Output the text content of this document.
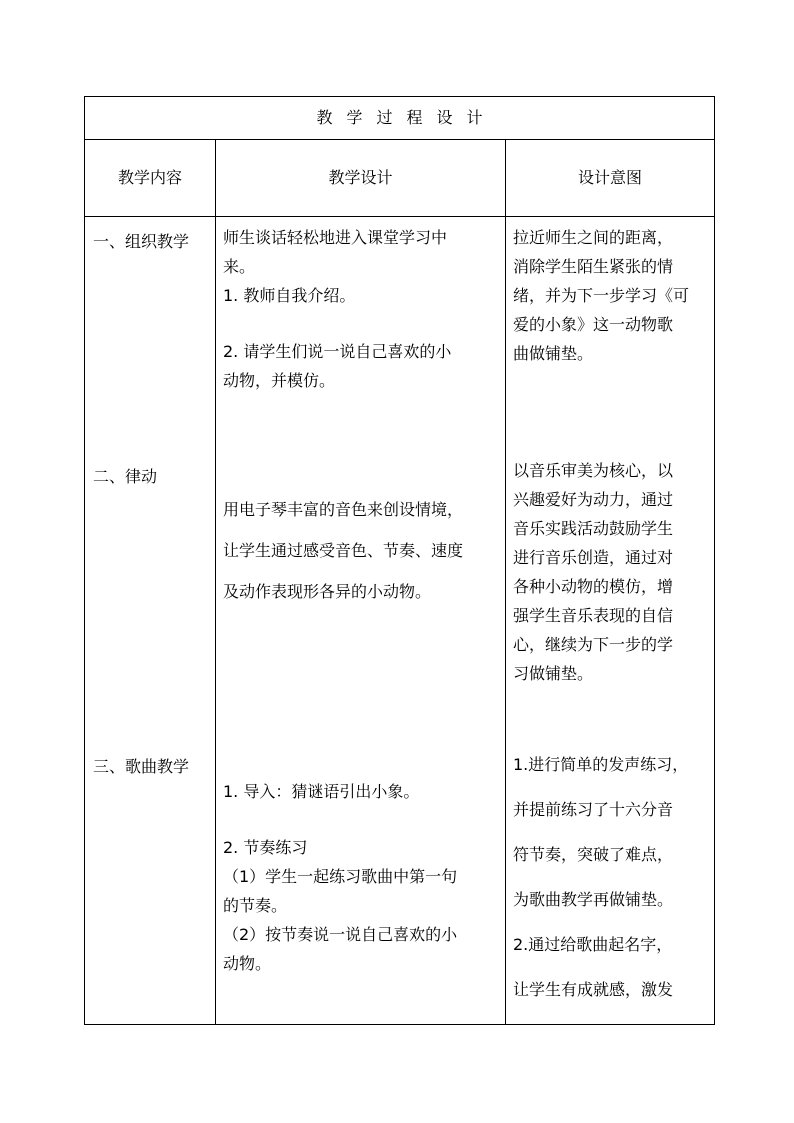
教学过程设计
教学内容	教学设计	设计意图
一、组织教学 师生谈话轻松地进入课堂学习中
来。
1. 教师自我介绍。
2. 请学生们说一说自己喜欢的小
动物，并模仿。
拉近师生之间的距离，
消除学生陌生紧张的情
绪，并为下一步学习《可
爱的小象》这一动物歌
曲做铺垫。
二、律动
用电子琴丰富的音色来创设情境，
让学生通过感受音色、节奏、速度
及动作表现形各异的小动物。
以音乐审美为核心，以
兴趣爱好为动力，通过
音乐实践活动鼓励学生
进行音乐创造，通过对
各种小动物的模仿，增
强学生音乐表现的自信
心，继续为下一步的学
习做铺垫。
三、歌曲教学
1. 导入：猜谜语引出小象。
2. 节奏练习
（1）学生一起练习歌曲中第一句
的节奏。
（2）按节奏说一说自己喜欢的小
动物。
1.进行简单的发声练习，
并提前练习了十六分音
符节奏，突破了难点，
为歌曲教学再做铺垫。
2.通过给歌曲起名字，
让学生有成就感，激发
